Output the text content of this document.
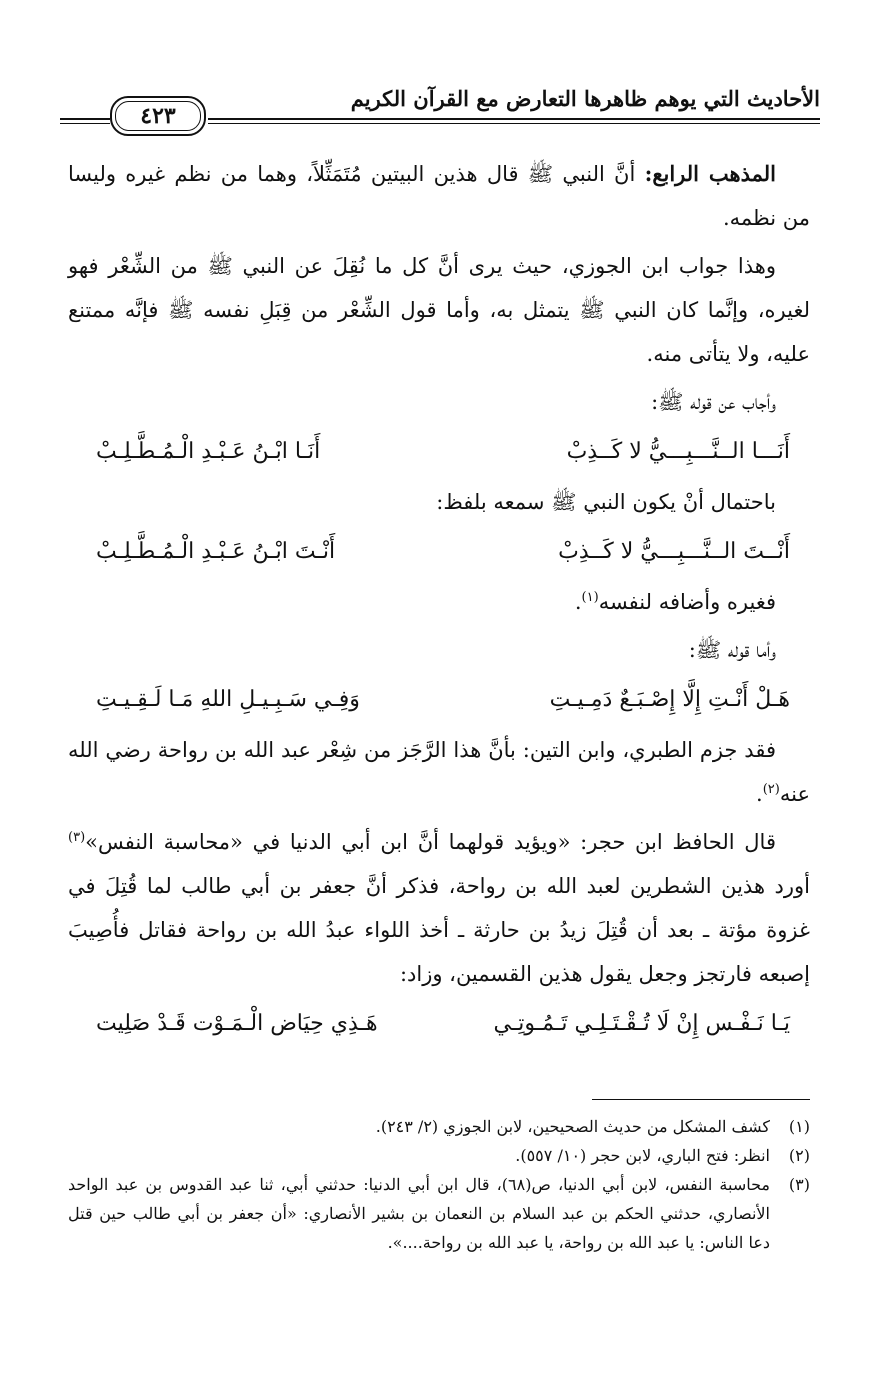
الأحاديث التي يوهم ظاهرها التعارض مع القرآن الكريم
٤٢٣

المذهب الرابع: أنَّ النبي ﷺ قال هذين البيتين مُتَمَثِّلاً، وهما من نظم غيره وليسا من نظمه.

وهذا جواب ابن الجوزي، حيث يرى أنَّ كل ما نُقِلَ عن النبي ﷺ من الشِّعْر فهو لغيره، وإنَّما كان النبي ﷺ يتمثل به، وأما قول الشِّعْر من قِبَلِ نفسه ﷺ فإنَّه ممتنع عليه، ولا يتأتى منه.

وأجاب عن قوله ﷺ:

أَنَـــا الــنَّـــبِـــيُّ لا كَــذِبْ
أَنَـا ابْـنُ عَـبْـدِ الْـمُـطَّـلِـبْ

باحتمال أنْ يكون النبي ﷺ سمعه بلفظ:

أَنْــتَ الــنَّـــبِـــيُّ لا كَــذِبْ
أَنْـتَ ابْـنُ عَـبْـدِ الْـمُـطَّـلِـبْ

فغيره وأضافه لنفسه$^{(١)}$.

وأما قوله ﷺ:

هَـلْ أَنْـتِ إِلَّا إِصْـبَـعٌ دَمِـيـتِ
وَفِـي سَـبِـيـلِ اللهِ مَـا لَـقِـيـتِ

فقد جزم الطبري، وابن التين: بأنَّ هذا الرَّجَز من شِعْر عبد الله بن رواحة رضي الله عنه$^{(٢)}$.

قال الحافظ ابن حجر: «ويؤيد قولهما أنَّ ابن أبي الدنيا في «محاسبة النفس»$^{(٣)}$ أورد هذين الشطرين لعبد الله بن رواحة، فذكر أنَّ جعفر بن أبي طالب لما قُتِلَ في غزوة مؤتة ـ بعد أن قُتِلَ زيدُ بن حارثة ـ أخذ اللواء عبدُ الله بن رواحة فقاتل فأُصِيبَ إصبعه فارتجز وجعل يقول هذين القسمين، وزاد:

يَـا نَـفْـس إِنْ لَا تُـقْـتَـلِـي تَـمُـوتِـي
هَـذِي حِيَاض الْـمَـوْت قَـدْ صَلِيت
(١)
كشف المشكل من حديث الصحيحين، لابن الجوزي (٢/ ٢٤٣).
(٢)
انظر: فتح الباري، لابن حجر (١٠/ ٥٥٧).
(٣)
محاسبة النفس، لابن أبي الدنيا، ص(٦٨)، قال ابن أبي الدنيا: حدثني أبي، ثنا عبد القدوس بن عبد الواحد الأنصاري، حدثني الحكم بن عبد السلام بن النعمان بن بشير الأنصاري: «أن جعفر بن أبي طالب حين قتل دعا الناس: يا عبد الله بن رواحة، يا عبد الله بن رواحة....».
